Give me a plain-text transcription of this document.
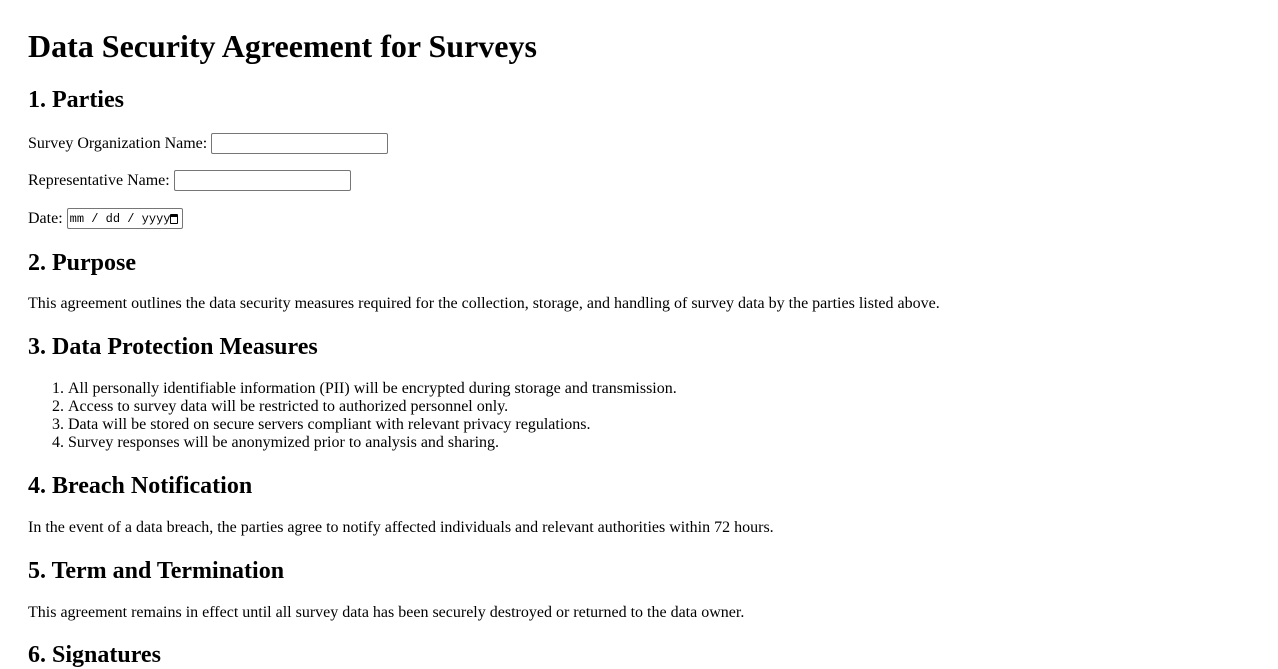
Data Security Agreement for Surveys
1. Parties
Survey Organization Name:
Representative Name:
Date: mm / dd / yyyy
2. Purpose

This agreement outlines the data security measures required for the collection, storage, and handling of survey data by the parties listed above.

3. Data Protection Measures
1. All personally identifiable information (PII) will be encrypted during storage and transmission.
2. Access to survey data will be restricted to authorized personnel only.
3. Data will be stored on secure servers compliant with relevant privacy regulations.
4. Survey responses will be anonymized prior to analysis and sharing.
4. Breach Notification

In the event of a data breach, the parties agree to notify affected individuals and relevant authorities within 72 hours.

5. Term and Termination

This agreement remains in effect until all survey data has been securely destroyed or returned to the data owner.

6. Signatures
